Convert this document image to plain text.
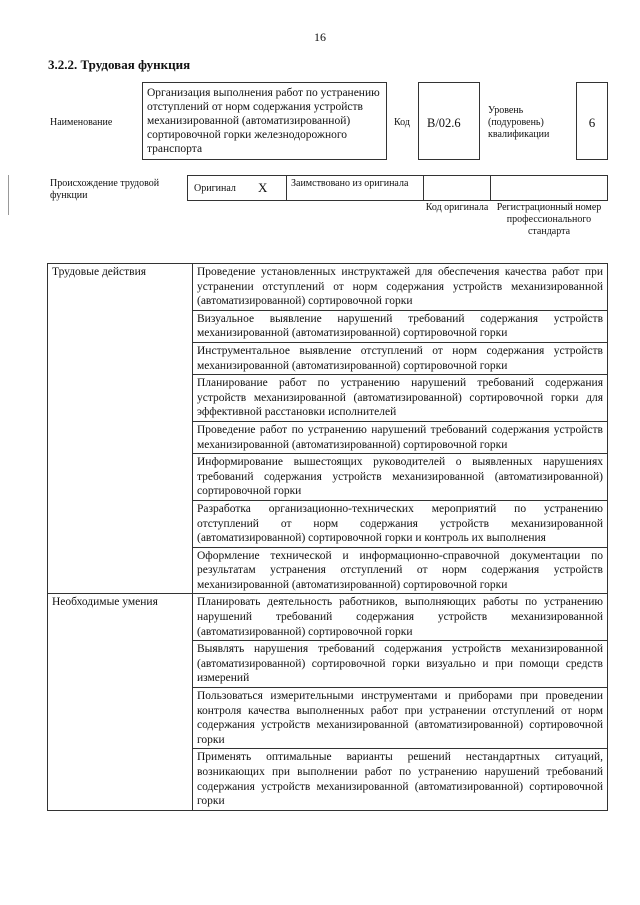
16
3.2.2. Трудовая функция
Наименование
Организация выполнения работ по устранению отступлений от норм содержания устройств механизированной (автоматизированной) сортировочной горки железнодорожного транспорта
Код	B/02.6
Уровень (подуровень) квалификации
6
Происхождение трудовой функции
Оригинал X	Заимствовано из оригинала
Код оригинала Регистрационный номер профессионального стандарта
Трудовые действия	Проведение установленных инструктажей для обеспечения качества работ при устранении отступлений от норм содержания устройств механизированной (автоматизированной) сортировочной горки
	Визуальное выявление нарушений требований содержания устройств механизированной (автоматизированной) сортировочной горки
	Инструментальное выявление отступлений от норм содержания устройств механизированной (автоматизированной) сортировочной горки
	Планирование работ по устранению нарушений требований содержания устройств механизированной (автоматизированной) сортировочной горки для эффективной расстановки исполнителей
	Проведение работ по устранению нарушений требований содержания устройств механизированной (автоматизированной) сортировочной горки
	Информирование вышестоящих руководителей о выявленных нарушениях требований содержания устройств механизированной (автоматизированной) сортировочной горки
	Разработка организационно-технических мероприятий по устранению отступлений от норм содержания устройств механизированной (автоматизированной) сортировочной горки и контроль их выполнения
	Оформление технической и информационно-справочной документации по результатам устранения отступлений от норм содержания устройств механизированной (автоматизированной) сортировочной горки
Необходимые умения	Планировать деятельность работников, выполняющих работы по устранению нарушений требований содержания устройств механизированной (автоматизированной) сортировочной горки
	Выявлять нарушения требований содержания устройств механизированной (автоматизированной) сортировочной горки визуально и при помощи средств измерений
	Пользоваться измерительными инструментами и приборами при проведении контроля качества выполненных работ при устранении отступлений от норм содержания устройств механизированной (автоматизированной) сортировочной горки
	Применять оптимальные варианты решений нестандартных ситуаций, возникающих при выполнении работ по устранению нарушений требований содержания устройств механизированной (автоматизированной) сортировочной горки
